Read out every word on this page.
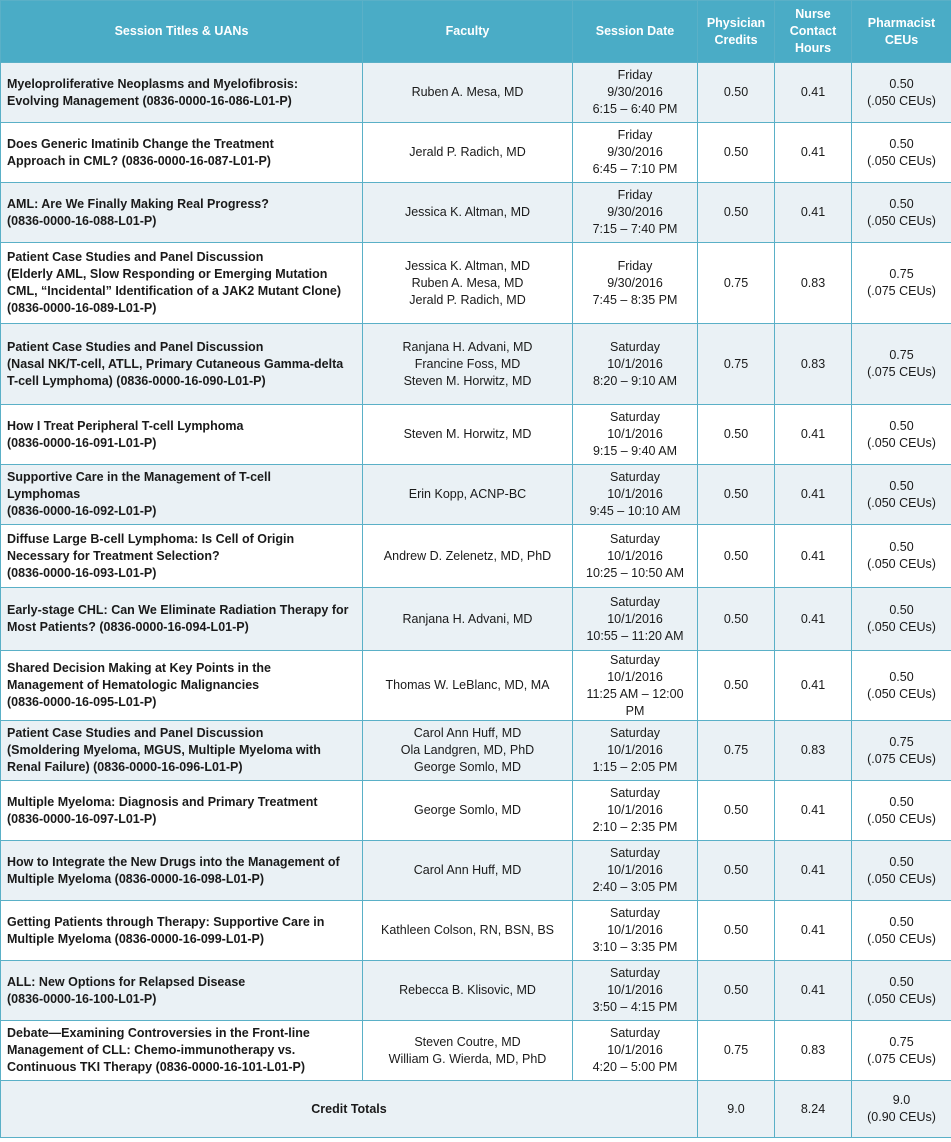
Session Titles & UANs	Faculty	Session Date	Physician
Credits	Nurse
Contact
Hours	Pharmacist
CEUs

Myeloproliferative Neoplasms and Myelofibrosis:
Evolving Management (0836-0000-16-086-L01-P)	Ruben A. Mesa, MD	Friday
9/30/2016
6:15 – 6:40 PM	0.50	0.41	0.50
(.050 CEUs)

Does Generic Imatinib Change the Treatment
Approach in CML? (0836-0000-16-087-L01-P)	Jerald P. Radich, MD	Friday
9/30/2016
6:45 – 7:10 PM	0.50	0.41	0.50
(.050 CEUs)

AML: Are We Finally Making Real Progress?
(0836-0000-16-088-L01-P)	Jessica K. Altman, MD	Friday
9/30/2016
7:15 – 7:40 PM	0.50	0.41	0.50
(.050 CEUs)

Patient Case Studies and Panel Discussion
(Elderly AML, Slow Responding or Emerging Mutation
CML, “Incidental” Identification of a JAK2 Mutant Clone)
(0836-0000-16-089-L01-P)	Jessica K. Altman, MD
Ruben A. Mesa, MD
Jerald P. Radich, MD	Friday
9/30/2016
7:45 – 8:35 PM	0.75	0.83	0.75
(.075 CEUs)

Patient Case Studies and Panel Discussion
(Nasal NK/T-cell, ATLL, Primary Cutaneous Gamma-delta
T-cell Lymphoma) (0836-0000-16-090-L01-P)	Ranjana H. Advani, MD
Francine Foss, MD
Steven M. Horwitz, MD	Saturday
10/1/2016
8:20 – 9:10 AM	0.75	0.83	0.75
(.075 CEUs)

How I Treat Peripheral T-cell Lymphoma
(0836-0000-16-091-L01-P)	Steven M. Horwitz, MD	Saturday
10/1/2016
9:15 – 9:40 AM	0.50	0.41	0.50
(.050 CEUs)

Supportive Care in the Management of T-cell
Lymphomas
(0836-0000-16-092-L01-P)	Erin Kopp, ACNP-BC	Saturday
10/1/2016
9:45 – 10:10 AM	0.50	0.41	0.50
(.050 CEUs)

Diffuse Large B-cell Lymphoma: Is Cell of Origin
Necessary for Treatment Selection?
(0836-0000-16-093-L01-P)	Andrew D. Zelenetz, MD, PhD	Saturday
10/1/2016
10:25 – 10:50 AM	0.50	0.41	0.50
(.050 CEUs)

Early-stage CHL: Can We Eliminate Radiation Therapy for
Most Patients? (0836-0000-16-094-L01-P)	Ranjana H. Advani, MD	Saturday
10/1/2016
10:55 – 11:20 AM	0.50	0.41	0.50
(.050 CEUs)

Shared Decision Making at Key Points in the
Management of Hematologic Malignancies
(0836-0000-16-095-L01-P)	Thomas W. LeBlanc, MD, MA	Saturday
10/1/2016
11:25 AM – 12:00
PM	0.50	0.41	0.50
(.050 CEUs)

Patient Case Studies and Panel Discussion
(Smoldering Myeloma, MGUS, Multiple Myeloma with
Renal Failure) (0836-0000-16-096-L01-P)	Carol Ann Huff, MD
Ola Landgren, MD, PhD
George Somlo, MD	Saturday
10/1/2016
1:15 – 2:05 PM	0.75	0.83	0.75
(.075 CEUs)

Multiple Myeloma: Diagnosis and Primary Treatment
(0836-0000-16-097-L01-P)	George Somlo, MD	Saturday
10/1/2016
2:10 – 2:35 PM	0.50	0.41	0.50
(.050 CEUs)

How to Integrate the New Drugs into the Management of
Multiple Myeloma (0836-0000-16-098-L01-P)	Carol Ann Huff, MD	Saturday
10/1/2016
2:40 – 3:05 PM	0.50	0.41	0.50
(.050 CEUs)

Getting Patients through Therapy: Supportive Care in
Multiple Myeloma (0836-0000-16-099-L01-P)	Kathleen Colson, RN, BSN, BS	Saturday
10/1/2016
3:10 – 3:35 PM	0.50	0.41	0.50
(.050 CEUs)

ALL: New Options for Relapsed Disease
(0836-0000-16-100-L01-P)	Rebecca B. Klisovic, MD	Saturday
10/1/2016
3:50 – 4:15 PM	0.50	0.41	0.50
(.050 CEUs)

Debate—Examining Controversies in the Front-line
Management of CLL: Chemo-immunotherapy vs.
Continuous TKI Therapy (0836-0000-16-101-L01-P)	Steven Coutre, MD
William G. Wierda, MD, PhD	Saturday
10/1/2016
4:20 – 5:00 PM	0.75	0.83	0.75
(.075 CEUs)

Credit Totals			9.0	8.24	9.0
(0.90 CEUs)
